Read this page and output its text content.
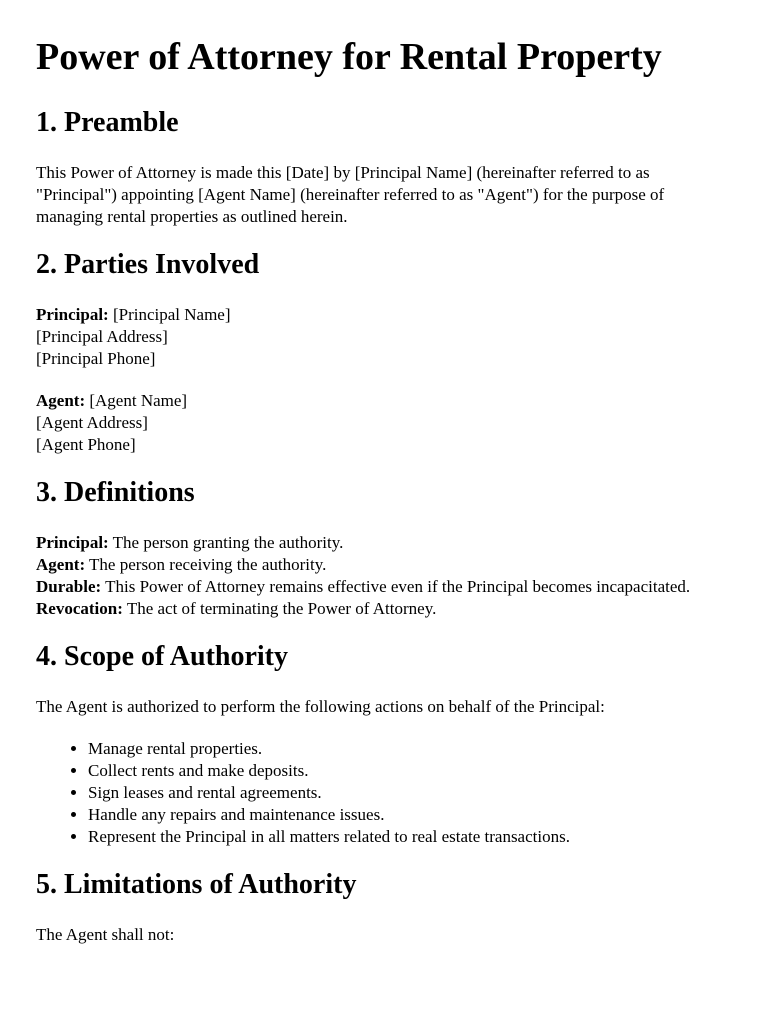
Power of Attorney for Rental Property
1. Preamble

This Power of Attorney is made this [Date] by [Principal Name] (hereinafter referred to as "Principal") appointing [Agent Name] (hereinafter referred to as "Agent") for the purpose of managing rental properties as outlined herein.

2. Parties Involved
Principal: [Principal Name]
[Principal Address]
[Principal Phone]
Agent: [Agent Name]
[Agent Address]
[Agent Phone]
3. Definitions
Principal: The person granting the authority.
Agent: The person receiving the authority.
Durable: This Power of Attorney remains effective even if the Principal becomes incapacitated.
Revocation: The act of terminating the Power of Attorney.
4. Scope of Authority

The Agent is authorized to perform the following actions on behalf of the Principal:

• Manage rental properties.
• Collect rents and make deposits.
• Sign leases and rental agreements.
• Handle any repairs and maintenance issues.
• Represent the Principal in all matters related to real estate transactions.
5. Limitations of Authority

The Agent shall not:
